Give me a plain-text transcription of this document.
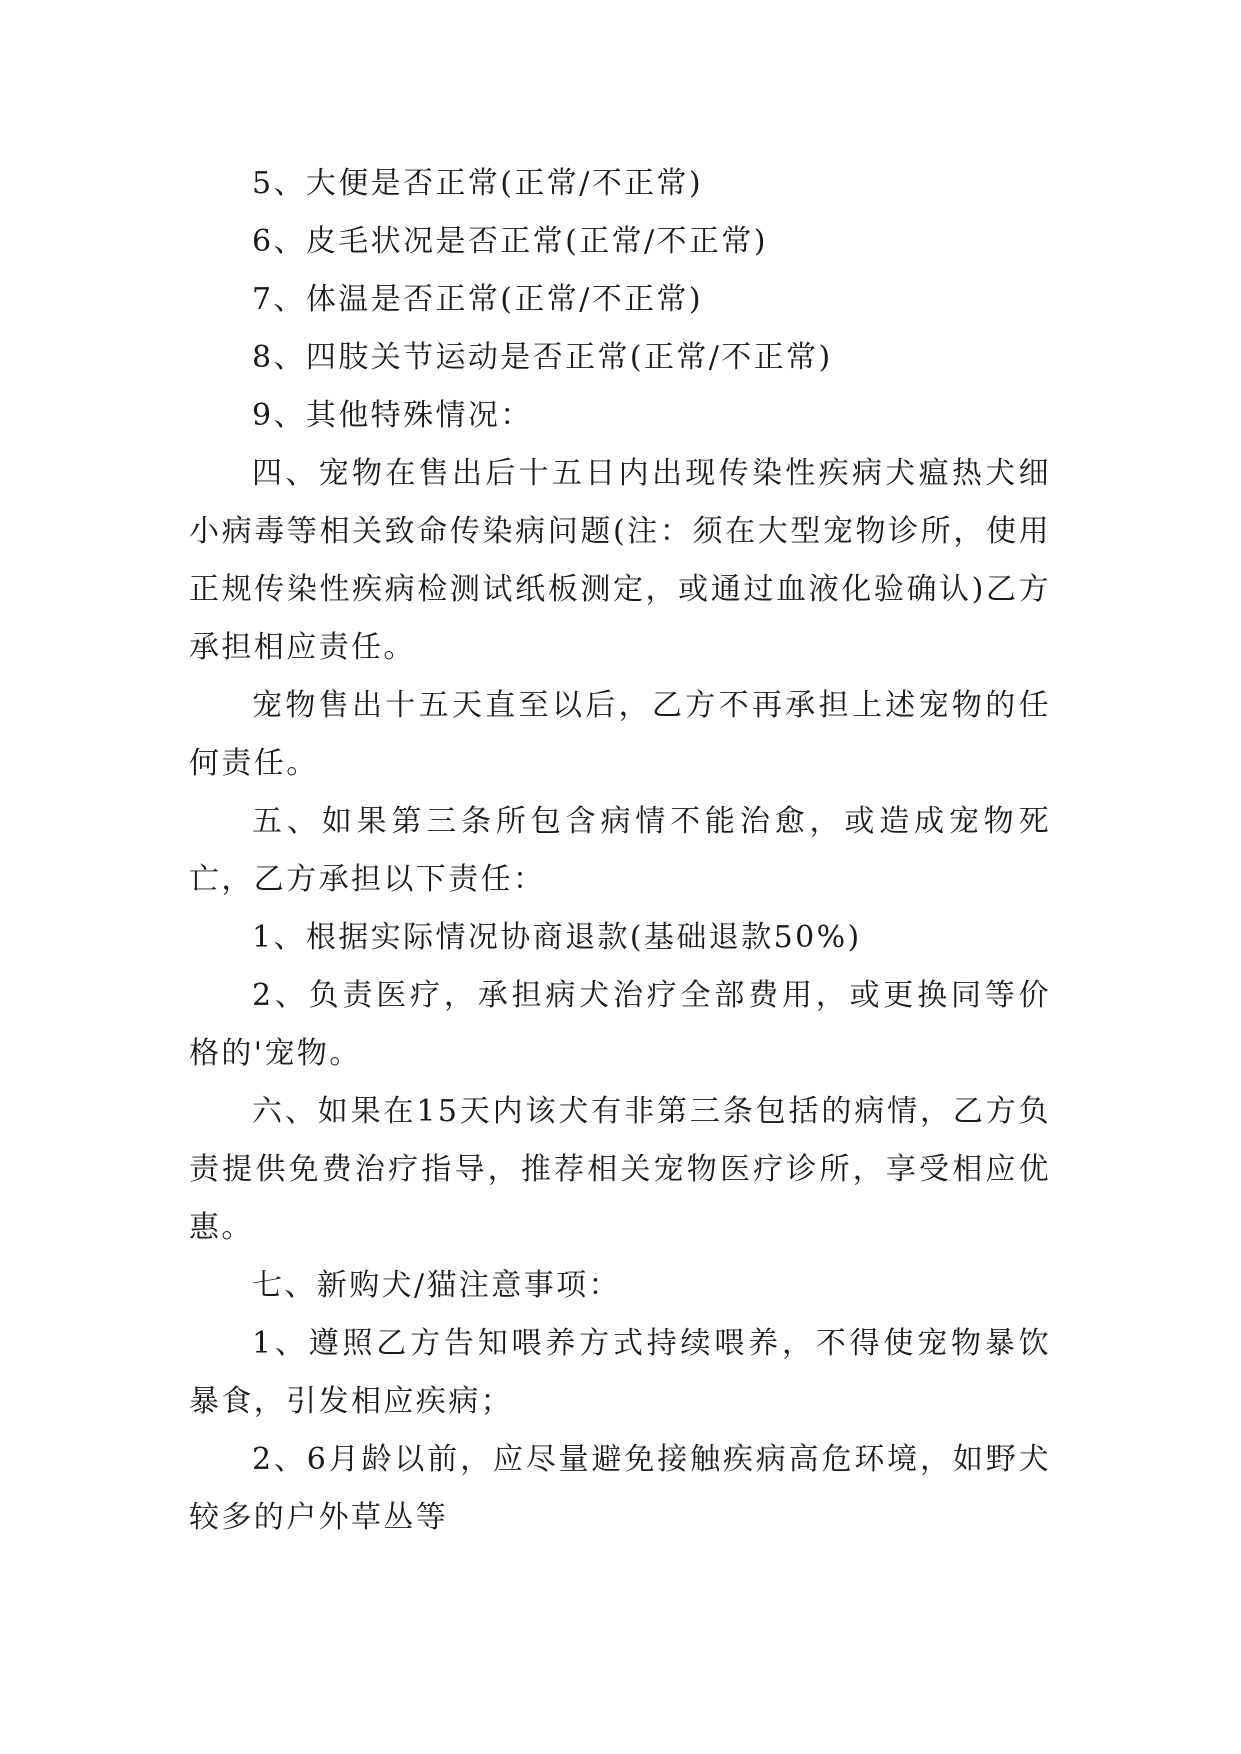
5、大便是否正常(正常/不正常)

6、皮毛状况是否正常(正常/不正常)

7、体温是否正常(正常/不正常)

8、四肢关节运动是否正常(正常/不正常)

9、其他特殊情况：

四、宠物在售出后十五日内出现传染性疾病犬瘟热犬细小病毒等相关致命传染病问题(注：须在大型宠物诊所，使用正规传染性疾病检测试纸板测定，或通过血液化验确认)乙方承担相应责任。

宠物售出十五天直至以后，乙方不再承担上述宠物的任何责任。

五、如果第三条所包含病情不能治愈，或造成宠物死亡，乙方承担以下责任：

1、根据实际情况协商退款(基础退款50%)

2、负责医疗，承担病犬治疗全部费用，或更换同等价格的'宠物。

六、如果在15天内该犬有非第三条包括的病情，乙方负责提供免费治疗指导，推荐相关宠物医疗诊所，享受相应优惠。

七、新购犬/猫注意事项：

1、遵照乙方告知喂养方式持续喂养，不得使宠物暴饮暴食，引发相应疾病；

2、6月龄以前，应尽量避免接触疾病高危环境，如野犬较多的户外草丛等
